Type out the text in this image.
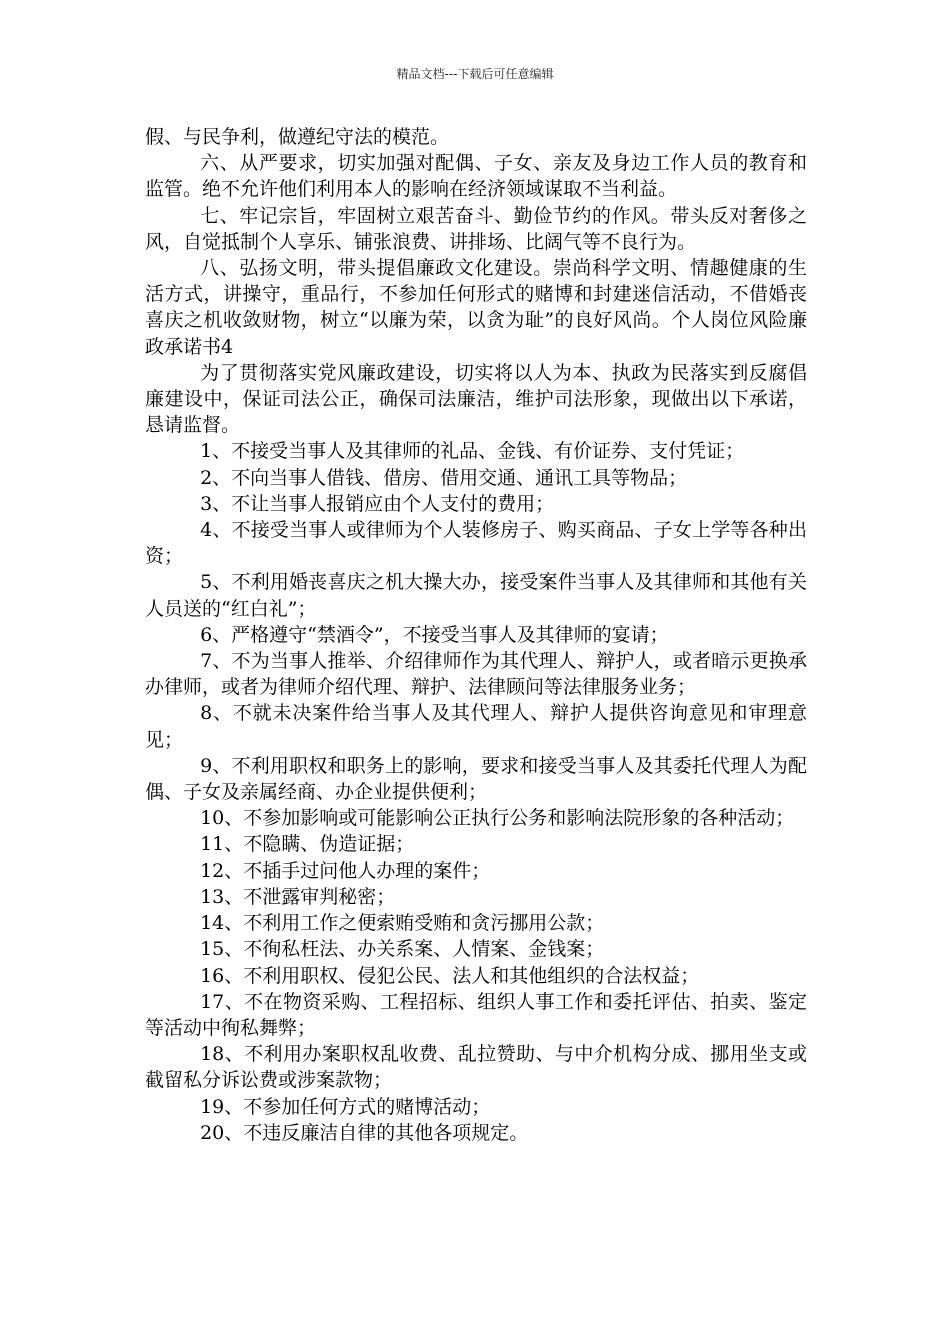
精品文档---下载后可任意编辑

假、与民争利，做遵纪守法的模范。

六、从严要求，切实加强对配偶、子女、亲友及身边工作人员的教育和监管。绝不允许他们利用本人的影响在经济领域谋取不当利益。

七、牢记宗旨，牢固树立艰苦奋斗、勤俭节约的作风。带头反对奢侈之风，自觉抵制个人享乐、铺张浪费、讲排场、比阔气等不良行为。

八、弘扬文明，带头提倡廉政文化建设。崇尚科学文明、情趣健康的生活方式，讲操守，重品行，不参加任何形式的赌博和封建迷信活动，不借婚丧喜庆之机收敛财物，树立“以廉为荣，以贪为耻”的良好风尚。个人岗位风险廉政承诺书4

为了贯彻落实党风廉政建设，切实将以人为本、执政为民落实到反腐倡廉建设中，保证司法公正，确保司法廉洁，维护司法形象，现做出以下承诺，恳请监督。

1、不接受当事人及其律师的礼品、金钱、有价证券、支付凭证；

2、不向当事人借钱、借房、借用交通、通讯工具等物品；

3、不让当事人报销应由个人支付的费用；

4、不接受当事人或律师为个人装修房子、购买商品、子女上学等各种出资；

5、不利用婚丧喜庆之机大操大办，接受案件当事人及其律师和其他有关人员送的“红白礼”；

6、严格遵守“禁酒令”，不接受当事人及其律师的宴请；

7、不为当事人推举、介绍律师作为其代理人、辩护人，或者暗示更换承办律师，或者为律师介绍代理、辩护、法律顾问等法律服务业务；

8、不就未决案件给当事人及其代理人、辩护人提供咨询意见和审理意见；

9、不利用职权和职务上的影响，要求和接受当事人及其委托代理人为配偶、子女及亲属经商、办企业提供便利；

10、不参加影响或可能影响公正执行公务和影响法院形象的各种活动；

11、不隐瞒、伪造证据；

12、不插手过问他人办理的案件；

13、不泄露审判秘密；

14、不利用工作之便索贿受贿和贪污挪用公款；

15、不徇私枉法、办关系案、人情案、金钱案；

16、不利用职权、侵犯公民、法人和其他组织的合法权益；

17、不在物资采购、工程招标、组织人事工作和委托评估、拍卖、鉴定等活动中徇私舞弊；

18、不利用办案职权乱收费、乱拉赞助、与中介机构分成、挪用坐支或截留私分诉讼费或涉案款物；

19、不参加任何方式的赌博活动；

20、不违反廉洁自律的其他各项规定。
